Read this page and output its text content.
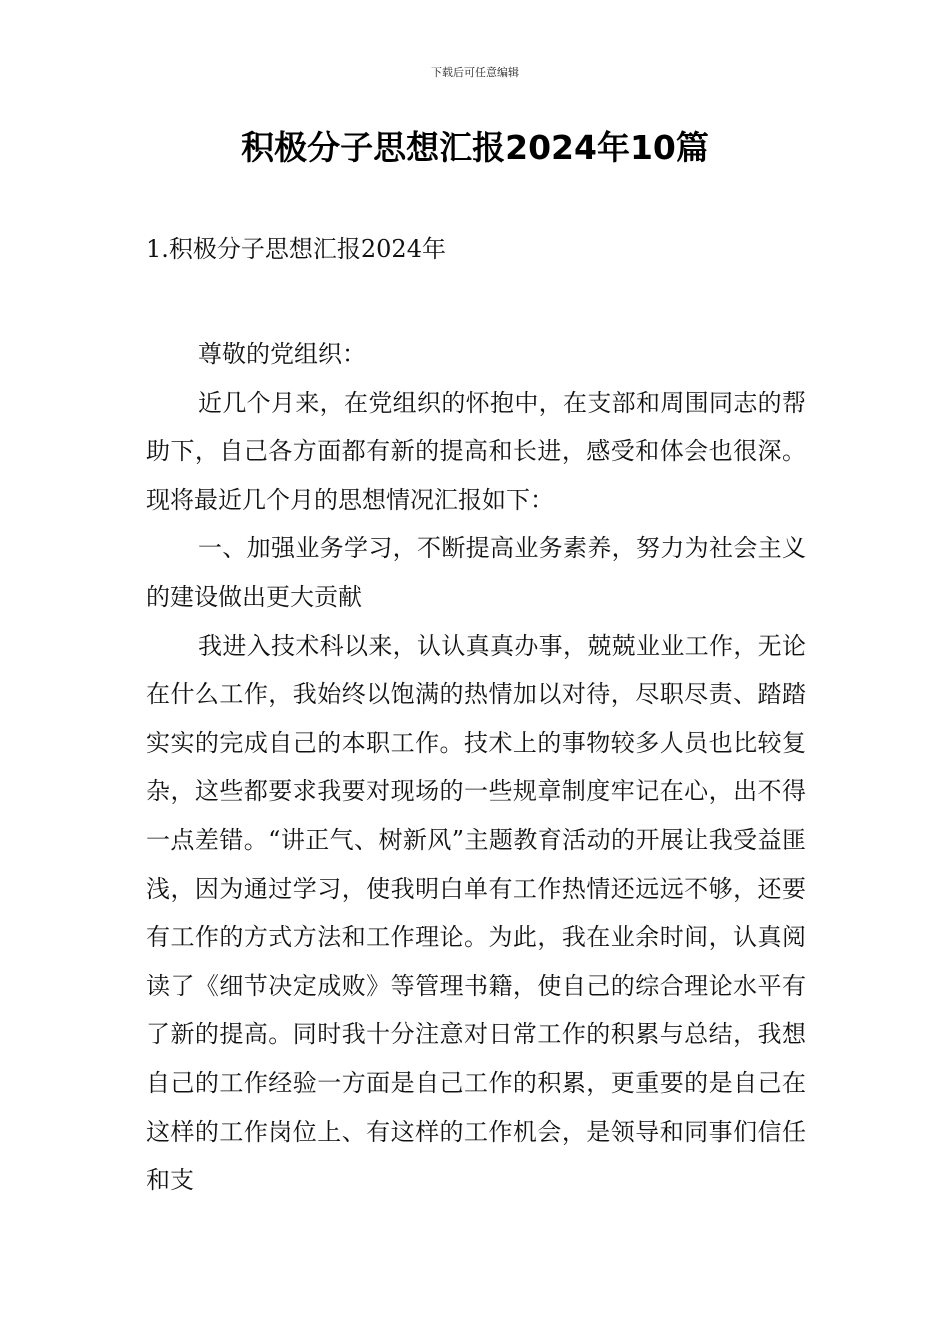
下载后可任意编辑
积极分子思想汇报2024年10篇
1.积极分子思想汇报2024年

尊敬的党组织：

近几个月来，在党组织的怀抱中，在支部和周围同志的帮助下，自己各方面都有新的提高和长进，感受和体会也很深。现将最近几个月的思想情况汇报如下：

一、加强业务学习，不断提高业务素养，努力为社会主义的建设做出更大贡献

我进入技术科以来，认认真真办事，兢兢业业工作，无论在什么工作，我始终以饱满的热情加以对待，尽职尽责、踏踏实实的完成自己的本职工作。技术上的事物较多人员也比较复杂，这些都要求我要对现场的一些规章制度牢记在心，出不得一点差错。“讲正气、树新风”主题教育活动的开展让我受益匪浅，因为通过学习，使我明白单有工作热情还远远不够，还要有工作的方式方法和工作理论。为此，我在业余时间，认真阅读了《细节决定成败》等管理书籍，使自己的综合理论水平有了新的提高。同时我十分注意对日常工作的积累与总结，我想自己的工作经验一方面是自己工作的积累，更重要的是自己在这样的工作岗位上、有这样的工作机会，是领导和同事们信任和支
